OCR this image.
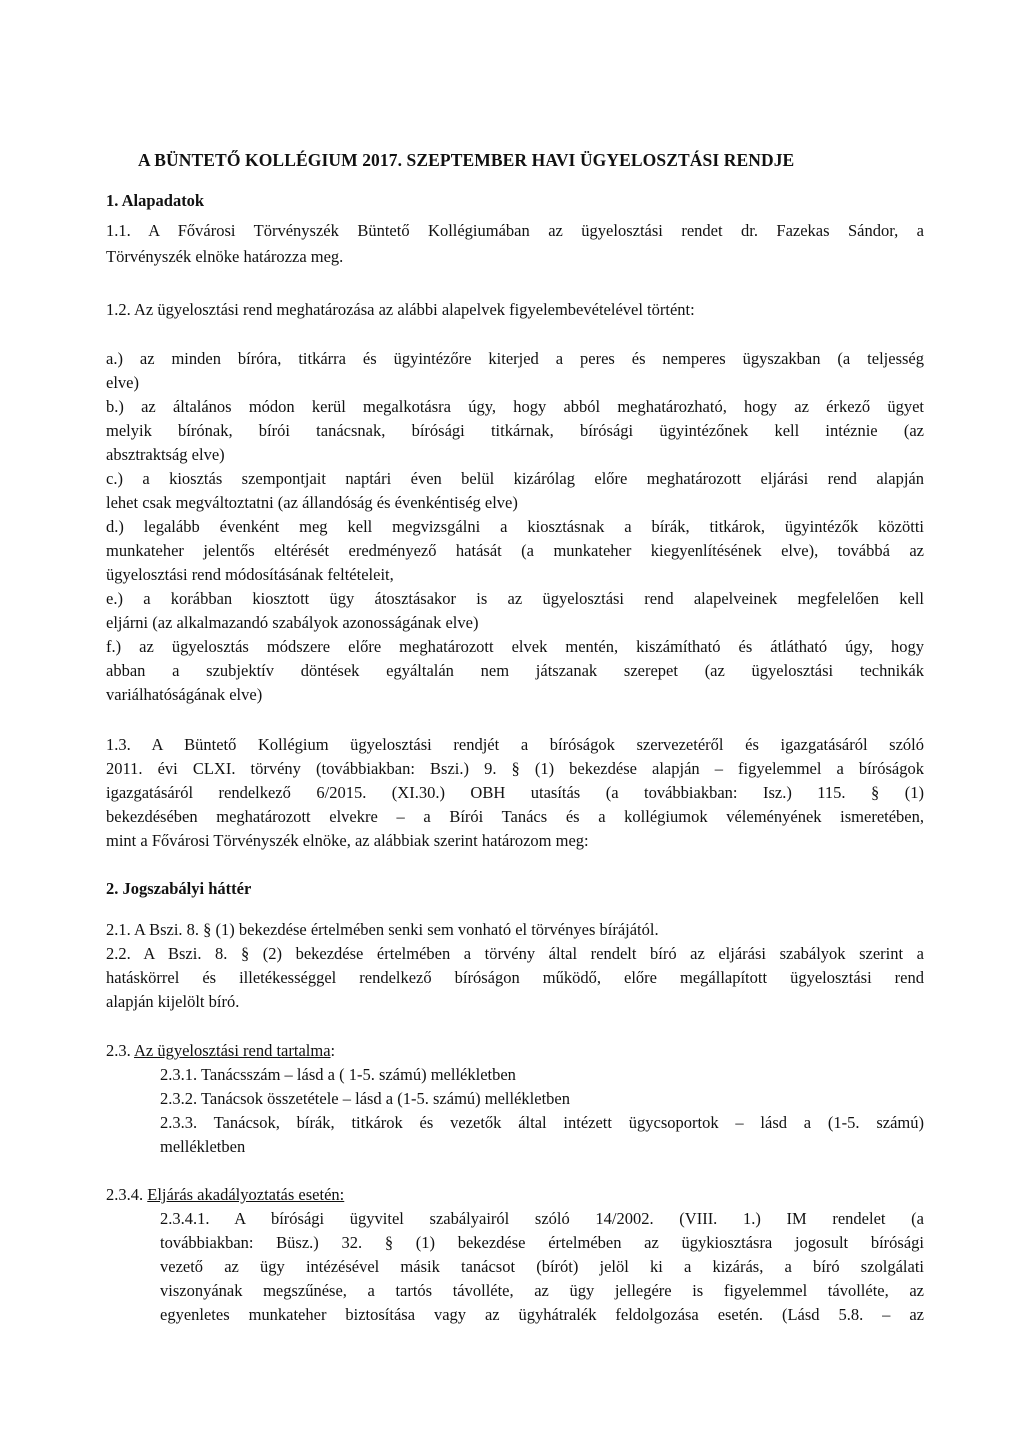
A BÜNTETŐ KOLLÉGIUM 2017. SZEPTEMBER HAVI ÜGYELOSZTÁSI RENDJE
1. Alapadatok
1.1. A Fővárosi Törvényszék Büntető Kollégiumában az ügyelosztási rendet dr. Fazekas Sándor, a
Törvényszék elnöke határozza meg.
1.2. Az ügyelosztási rend meghatározása az alábbi alapelvek figyelembevételével történt:
a.) az minden bíróra, titkárra és ügyintézőre kiterjed a peres és nemperes ügyszakban (a teljesség
elve)
b.) az általános módon kerül megalkotásra úgy, hogy abból meghatározható, hogy az érkező ügyet
melyik bírónak, bírói tanácsnak, bírósági titkárnak, bírósági ügyintézőnek kell intéznie (az
absztraktság elve)
c.) a kiosztás szempontjait naptári éven belül kizárólag előre meghatározott eljárási rend alapján
lehet csak megváltoztatni (az állandóság és évenkéntiség elve)
d.) legalább évenként meg kell megvizsgálni a kiosztásnak a bírák, titkárok, ügyintézők közötti
munkateher jelentős eltérését eredményező hatását (a munkateher kiegyenlítésének elve), továbbá az
ügyelosztási rend módosításának feltételeit,
e.) a korábban kiosztott ügy átosztásakor is az ügyelosztási rend alapelveinek megfelelően kell
eljárni (az alkalmazandó szabályok azonosságának elve)
f.) az ügyelosztás módszere előre meghatározott elvek mentén, kiszámítható és átlátható úgy, hogy
abban a szubjektív döntések egyáltalán nem játszanak szerepet (az ügyelosztási technikák
variálhatóságának elve)
1.3. A Büntető Kollégium ügyelosztási rendjét a bíróságok szervezetéről és igazgatásáról szóló
2011. évi CLXI. törvény (továbbiakban: Bszi.) 9. § (1) bekezdése alapján – figyelemmel a bíróságok
igazgatásáról rendelkező 6/2015. (XI.30.) OBH utasítás (a továbbiakban: Isz.) 115. § (1)
bekezdésében meghatározott elvekre – a Bírói Tanács és a kollégiumok véleményének ismeretében,
mint a Fővárosi Törvényszék elnöke, az alábbiak szerint határozom meg:
2. Jogszabályi háttér
2.1. A Bszi. 8. § (1) bekezdése értelmében senki sem vonható el törvényes bírájától.
2.2. A Bszi. 8. § (2) bekezdése értelmében a törvény által rendelt bíró az eljárási szabályok szerint a
hatáskörrel és illetékességgel rendelkező bíróságon működő, előre megállapított ügyelosztási rend
alapján kijelölt bíró.
2.3. Az ügyelosztási rend tartalma:
2.3.1. Tanácsszám – lásd a ( 1-5. számú) mellékletben
2.3.2. Tanácsok összetétele – lásd a (1-5. számú) mellékletben
2.3.3. Tanácsok, bírák, titkárok és vezetők által intézett ügycsoportok – lásd a (1-5. számú)
mellékletben
2.3.4. Eljárás akadályoztatás esetén:
2.3.4.1. A bírósági ügyvitel szabályairól szóló 14/2002. (VIII. 1.) IM rendelet (a
továbbiakban: Büsz.) 32. § (1) bekezdése értelmében az ügykiosztásra jogosult bírósági
vezető az ügy intézésével másik tanácsot (bírót) jelöl ki a kizárás, a bíró szolgálati
viszonyának megszűnése, a tartós távolléte, az ügy jellegére is figyelemmel távolléte, az
egyenletes munkateher biztosítása vagy az ügyhátralék feldolgozása esetén. (Lásd 5.8. – az
